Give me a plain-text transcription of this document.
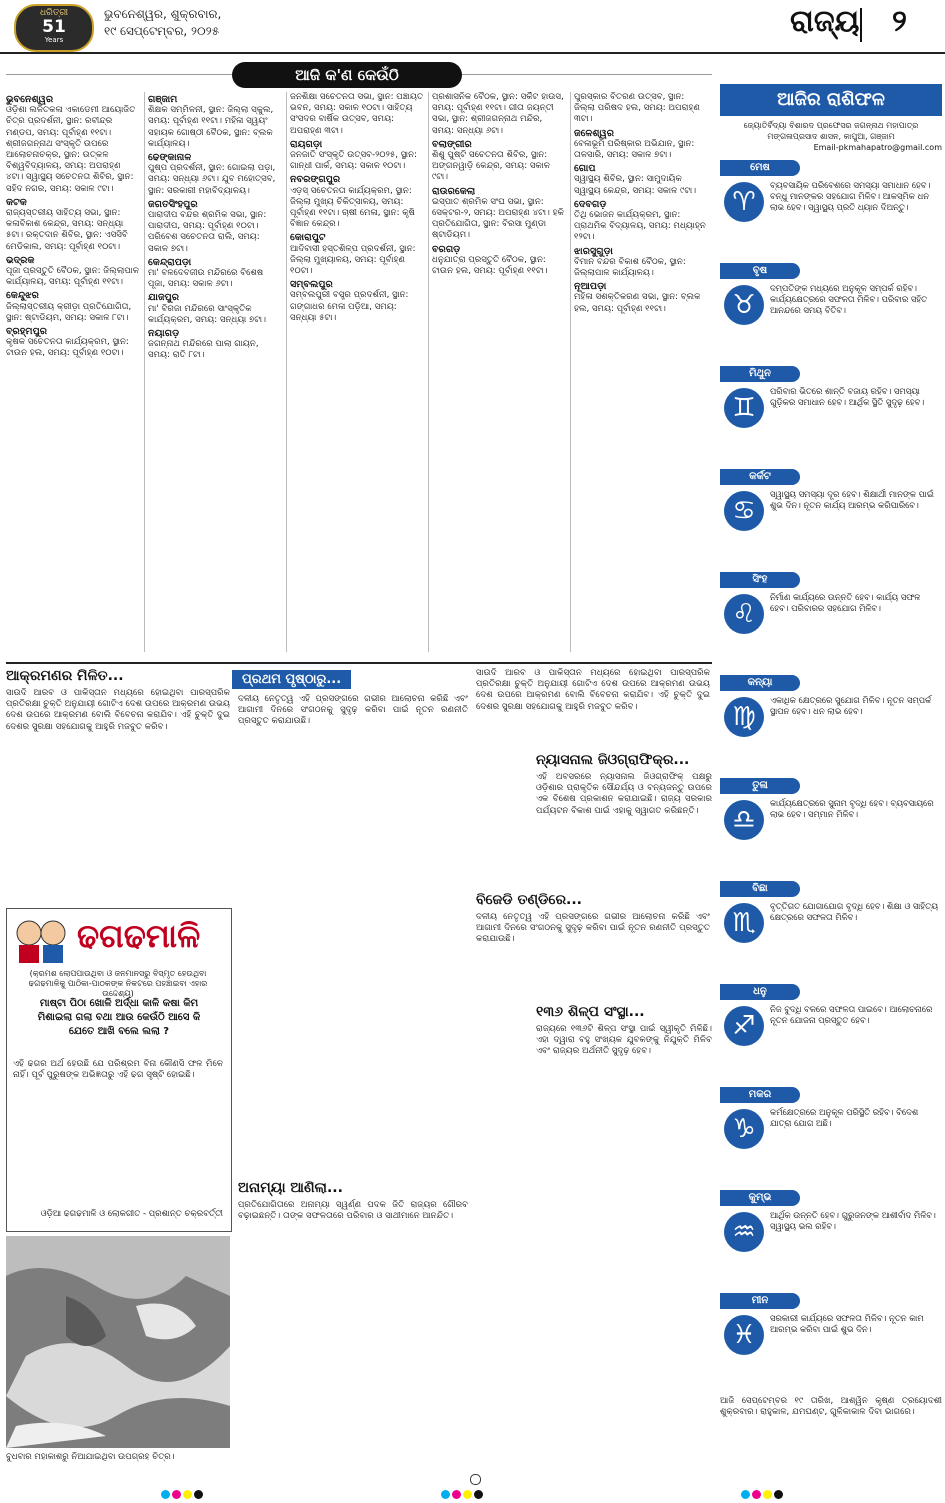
ଧରିତ୍ରୀ
51
Years
ଭୁବନେଶ୍ୱର, ଶୁକ୍ରବାର,
୧୯ ସେପ୍ଟେମ୍ବର, ୨୦୨୫	ରାଜ୍ୟ ୨
ଆଜି କ'ଣ କେଉଁଠି

ଭୁବନେଶ୍ୱର
ଓଡ଼ିଶା ଲଳିତକଳା ଏକାଡେମୀ ଆୟୋଜିତ ଚିତ୍ର ପ୍ରଦର୍ଶନୀ, ସ୍ଥାନ: ରବୀନ୍ଦ୍ର ମଣ୍ଡପ, ସମୟ: ପୂର୍ବାହ୍ଣ ୧୧ଟା। ଶ୍ରୀଜଗନ୍ନାଥ ସଂସ୍କୃତି ଉପରେ ଆଲୋଚନାଚକ୍ର, ସ୍ଥାନ: ଉତ୍କଳ ବିଶ୍ୱବିଦ୍ୟାଳୟ, ସମୟ: ଅପରାହ୍ଣ ୪ଟା। ସ୍ୱାସ୍ଥ୍ୟ ସଚେତନତା ଶିବିର, ସ୍ଥାନ: ସହିଦ ନଗର, ସମୟ: ସକାଳ ୯ଟା।

କଟକ
ରାଜ୍ୟସ୍ତରୀୟ ସାହିତ୍ୟ ସଭା, ସ୍ଥାନ: କଳାବିକାଶ କେନ୍ଦ୍ର, ସମୟ: ସନ୍ଧ୍ୟା ୫ଟା। ରକ୍ତଦାନ ଶିବିର, ସ୍ଥାନ: ଏସସିବି ମେଡିକାଲ, ସମୟ: ପୂର୍ବାହ୍ଣ ୧୦ଟା।

ଭଦ୍ରକ
ପୂଜା ପ୍ରସ୍ତୁତି ବୈଠକ, ସ୍ଥାନ: ଜିଲ୍ଲାପାଳ କାର୍ଯ୍ୟାଳୟ, ସମୟ: ପୂର୍ବାହ୍ଣ ୧୧ଟା।

କେନ୍ଦୁଝର
ଜିଲ୍ଲାସ୍ତରୀୟ କ୍ରୀଡ଼ା ପ୍ରତିଯୋଗିତା, ସ୍ଥାନ: ଷ୍ଟାଡିୟମ, ସମୟ: ସକାଳ ୮ଟା।

ବ୍ରହ୍ମପୁର
କୃଷକ ସଚେତନତା କାର୍ଯ୍ୟକ୍ରମ, ସ୍ଥାନ: ଟାଉନ ହଲ, ସମୟ: ପୂର୍ବାହ୍ଣ ୧୦ଟା।

ଗଞ୍ଜାମ
ଶିକ୍ଷକ ସମ୍ମିଳନୀ, ସ୍ଥାନ: ଜିଲ୍ଲା ସ୍କୁଲ, ସମୟ: ପୂର୍ବାହ୍ଣ ୧୧ଟା। ମହିଳା ସ୍ୱୟଂ ସହାୟକ ଗୋଷ୍ଠୀ ବୈଠକ, ସ୍ଥାନ: ବ୍ଲକ କାର୍ଯ୍ୟାଳୟ।

ଢେଙ୍କାନାଳ
ପୁଷ୍ପ ପ୍ରଦର୍ଶନୀ, ସ୍ଥାନ: ଗୋଇଲା ପଡ଼ା, ସମୟ: ସନ୍ଧ୍ୟା ୬ଟା। ଯୁବ ମହୋତ୍ସବ, ସ୍ଥାନ: ସରକାରୀ ମହାବିଦ୍ୟାଳୟ।

ଜଗତସିଂହପୁର
ପାରାଦୀପ ବନ୍ଦର ଶ୍ରମିକ ସଭା, ସ୍ଥାନ: ପାରାଦୀପ, ସମୟ: ପୂର୍ବାହ୍ଣ ୧୦ଟା। ପରିବେଶ ସଚେତନତା ରାଲି, ସମୟ: ସକାଳ ୭ଟା।

କେନ୍ଦ୍ରାପଡ଼ା
ମା' ବଳଦେବଜୀଉ ମନ୍ଦିରରେ ବିଶେଷ ପୂଜା, ସମୟ: ସକାଳ ୬ଟା।

ଯାଜପୁର
ମା' ବିରଜା ମନ୍ଦିରରେ ସାଂସ୍କୃତିକ କାର୍ଯ୍ୟକ୍ରମ, ସମୟ: ସନ୍ଧ୍ୟା ୭ଟା।

ନୟାଗଡ଼
ଜଗନ୍ନାଥ ମନ୍ଦିରରେ ପାଲା ଗାୟନ, ସମୟ: ରାତି ୮ଟା।

ଜନଶିକ୍ଷା ସଚେତନତା ସଭା, ସ୍ଥାନ: ପଞ୍ଚାୟତ ଭବନ, ସମୟ: ସକାଳ ୧୦ଟା। ସାହିତ୍ୟ ସଂସଦର ବାର୍ଷିକ ଉତ୍ସବ, ସମୟ: ଅପରାହ୍ଣ ୩ଟା।

ରାୟଗଡ଼ା
ଜନଜାତି ସଂସ୍କୃତି ଉତ୍ସବ-୨୦୨୫, ସ୍ଥାନ: ଗାନ୍ଧୀ ପାର୍କ, ସମୟ: ସକାଳ ୧୦ଟା।

ନବରଙ୍ଗପୁର
ଏଡ଼ସ୍ ସଚେତନତା କାର୍ଯ୍ୟକ୍ରମ, ସ୍ଥାନ: ଜିଲ୍ଲା ମୁଖ୍ୟ ଚିକିତ୍ସାଳୟ, ସମୟ: ପୂର୍ବାହ୍ଣ ୧୧ଟା। ଚାଷୀ ମେଳା, ସ୍ଥାନ: କୃଷି ବିଜ୍ଞାନ କେନ୍ଦ୍ର।

କୋରାପୁଟ
ଆଦିବାସୀ ହସ୍ତଶିଳ୍ପ ପ୍ରଦର୍ଶନୀ, ସ୍ଥାନ: ଜିଲ୍ଲା ମୁଖ୍ୟାଳୟ, ସମୟ: ପୂର୍ବାହ୍ଣ ୧୦ଟା।

ସମ୍ବଲପୁର
ସମ୍ବଲପୁରୀ ବସ୍ତ୍ର ପ୍ରଦର୍ଶନୀ, ସ୍ଥାନ: ଗଙ୍ଗାଧର ମେଳା ପଡ଼ିଆ, ସମୟ: ସନ୍ଧ୍ୟା ୫ଟା।

ପ୍ରଶାସନିକ ବୈଠକ, ସ୍ଥାନ: ସର୍କିଟ ହାଉସ, ସମୟ: ପୂର୍ବାହ୍ଣ ୧୧ଟା। ଗୀତା ଜୟନ୍ତୀ ସଭା, ସ୍ଥାନ: ଶ୍ରୀଜଗନ୍ନାଥ ମନ୍ଦିର, ସମୟ: ସନ୍ଧ୍ୟା ୬ଟା।

ବଲାଙ୍ଗୀର
ଶିଶୁ ପୁଷ୍ଟି ସଚେତନତା ଶିବିର, ସ୍ଥାନ: ଅଙ୍ଗନୱାଡ଼ି କେନ୍ଦ୍ର, ସମୟ: ସକାଳ ୯ଟା।

ରାଉରକେଲା
ଇସ୍ପାତ ଶ୍ରମିକ ସଂଘ ସଭା, ସ୍ଥାନ: ସେକ୍ଟର-୨, ସମୟ: ଅପରାହ୍ଣ ୪ଟା। ହକି ପ୍ରତିଯୋଗିତା, ସ୍ଥାନ: ବିରସା ମୁଣ୍ଡା ଷ୍ଟାଡିୟମ।

ବରଗଡ଼
ଧନୁଯାତ୍ରା ପ୍ରସ୍ତୁତି ବୈଠକ, ସ୍ଥାନ: ଟାଉନ ହଲ, ସମୟ: ପୂର୍ବାହ୍ଣ ୧୧ଟା।

ପୁରସ୍କାର ବିତରଣ ଉତ୍ସବ, ସ୍ଥାନ: ଜିଲ୍ଲା ପରିଷଦ ହଲ, ସମୟ: ଅପରାହ୍ଣ ୩ଟା।

ଜଳେଶ୍ୱର
ବେଳାଭୂମି ପରିଷ୍କାର ଅଭିଯାନ, ସ୍ଥାନ: ତାଳସାରି, ସମୟ: ସକାଳ ୭ଟା।

ଗୋପ
ସ୍ୱାସ୍ଥ୍ୟ ଶିବିର, ସ୍ଥାନ: ସାମୁଦାୟିକ ସ୍ୱାସ୍ଥ୍ୟ କେନ୍ଦ୍ର, ସମୟ: ସକାଳ ୯ଟା।

ଦେବଗଡ଼
ତିଥି ଭୋଜନ କାର୍ଯ୍ୟକ୍ରମ, ସ୍ଥାନ: ପ୍ରାଥମିକ ବିଦ୍ୟାଳୟ, ସମୟ: ମଧ୍ୟାହ୍ନ ୧୨ଟା।

ଝାରସୁଗୁଡ଼ା
ବିମାନ ବନ୍ଦର ବିକାଶ ବୈଠକ, ସ୍ଥାନ: ଜିଲ୍ଲାପାଳ କାର୍ଯ୍ୟାଳୟ।

ନୂଆପଡ଼ା
ମହିଳା ସଶକ୍ତିକରଣ ସଭା, ସ୍ଥାନ: ବ୍ଲକ ହଲ, ସମୟ: ପୂର୍ବାହ୍ଣ ୧୧ଟା।

ଆଜିର ରାଶିଫଳ
ଜ୍ୟୋତିର୍ବିଦ୍ୟା ବିଶାରଦ ପ୍ରଫେସର ଜଗନ୍ନାଥ ମହାପାତ୍ର
ମଙ୍ଗଳାପ୍ରସାଦ ଶାସନ, କାପୁଆ, ଗଞ୍ଜାମ
Email-pkmahapatro@gmail.com
ମେଷ
♈
ବ୍ୟବସାୟିକ ପରିବେଶରେ ସମସ୍ୟା ସମାଧାନ ହେବ। ବନ୍ଧୁ ମାନଙ୍କର ସହଯୋଗ ମିଳିବ। ଆକସ୍ମିକ ଧନ ଲାଭ ହେବ। ସ୍ୱାସ୍ଥ୍ୟ ପ୍ରତି ଧ୍ୟାନ ଦିଅନ୍ତୁ।
ବୃଷ
♉
ଦମ୍ପତିଙ୍କ ମଧ୍ୟରେ ଅନୁକୂଳ ସମ୍ପର୍କ ରହିବ। କାର୍ଯ୍ୟକ୍ଷେତ୍ରରେ ସଫଳତା ମିଳିବ। ପରିବାର ସହିତ ଆନନ୍ଦରେ ସମୟ ବିତିବ।
ମିଥୁନ
♊
ପରିବାର ଭିତରେ ଶାନ୍ତି ବଜାୟ ରହିବ। ସମସ୍ୟା ଗୁଡ଼ିକର ସମାଧାନ ହେବ। ଆର୍ଥିକ ସ୍ଥିତି ସୁଦୃଢ଼ ହେବ।
କର୍କଟ
♋
ସ୍ୱାସ୍ଥ୍ୟ ସମସ୍ୟା ଦୂର ହେବ। ଶିକ୍ଷାର୍ଥୀ ମାନଙ୍କ ପାଇଁ ଶୁଭ ଦିନ। ନୂତନ କାର୍ଯ୍ୟ ଆରମ୍ଭ କରିପାରିବେ।
ସିଂହ
♌
ନିର୍ମାଣ କାର୍ଯ୍ୟରେ ଉନ୍ନତି ହେବ। କାର୍ଯ୍ୟ ସଫଳ ହେବ। ପରିବାରର ସହଯୋଗ ମିଳିବ।
କନ୍ୟା
♍
ଏକାଧିକ କ୍ଷେତ୍ରରେ ସୁଯୋଗ ମିଳିବ। ନୂତନ ସମ୍ପର୍କ ସ୍ଥାପନ ହେବ। ଧନ ଲାଭ ହେବ।
ତୁଳା
♎
କାର୍ଯ୍ୟକ୍ଷେତ୍ରରେ ସୁନାମ ବୃଦ୍ଧି ହେବ। ବ୍ୟବସାୟରେ ଲାଭ ହେବ। ସମ୍ମାନ ମିଳିବ।
ବିଛା
♏
ବୃତ୍ତିଗତ ଯୋଗାଯୋଗ ବୃଦ୍ଧି ହେବ। ଶିକ୍ଷା ଓ ସାହିତ୍ୟ କ୍ଷେତ୍ରରେ ସଫଳତା ମିଳିବ।
ଧନୁ
♐
ନିଜ ବୁଦ୍ଧି ବଳରେ ସଫଳତା ପାଇବେ। ଆଲୋଚନାରେ ନୂତନ ଯୋଜନା ପ୍ରସ୍ତୁତ ହେବ।
ମକର
♑
କର୍ମକ୍ଷେତ୍ରରେ ଅନୁକୂଳ ପରିସ୍ଥିତି ରହିବ। ବିଦେଶ ଯାତ୍ରା ଯୋଗ ଅଛି।
କୁମ୍ଭ
♒
ଆର୍ଥିକ ଉନ୍ନତି ହେବ। ଗୁରୁଜନଙ୍କ ଆଶୀର୍ବାଦ ମିଳିବ। ସ୍ୱାସ୍ଥ୍ୟ ଭଲ ରହିବ।
ମୀନ
♓
ସରକାରୀ କାର୍ଯ୍ୟରେ ସଫଳତା ମିଳିବ। ନୂତନ କାମ ଆରମ୍ଭ କରିବା ପାଇଁ ଶୁଭ ଦିନ।
ଆଜି ସେପ୍ଟେମ୍ବର ୧୯ ତାରିଖ, ଆଶ୍ୱିନ କୃଷ୍ଣ ତ୍ରୟୋଦଶୀ ଶୁକ୍ରବାର। ରାହୁକାଳ, ଯମଘଣ୍ଟ, ଗୁଳିକାକାଳ ଦିବା ଭାଗରେ।
ଆକ୍ରମଣର ମିଳିତ...
ସାଉଦି ଆରବ ଓ ପାକିସ୍ତାନ ମଧ୍ୟରେ ହୋଇଥିବା ପାରସ୍ପରିକ ପ୍ରତିରକ୍ଷା ଚୁକ୍ତି ଅନୁଯାୟୀ ଗୋଟିଏ ଦେଶ ଉପରେ ଆକ୍ରମଣ ଉଭୟ ଦେଶ ଉପରେ ଆକ୍ରମଣ ବୋଲି ବିବେଚନା କରାଯିବ। ଏହି ଚୁକ୍ତି ଦୁଇ ଦେଶର ସୁରକ୍ଷା ସହଯୋଗକୁ ଆହୁରି ମଜବୁତ କରିବ।
ପ୍ରଥମ ପୃଷ୍ଠାରୁ...
ଦଳୀୟ ନେତୃତ୍ୱ ଏହି ପ୍ରସଙ୍ଗରେ ଗଭୀର ଆଲୋଚନା କରିଛି ଏବଂ ଆଗାମୀ ଦିନରେ ସଂଗଠନକୁ ସୁଦୃଢ଼ କରିବା ପାଇଁ ନୂତନ ରଣନୀତି ପ୍ରସ୍ତୁତ କରାଯାଉଛି।
ଅନାମ୍ୟା ଆଣିଲା...
ପ୍ରତିଯୋଗିତାରେ ଅନାମ୍ୟା ସ୍ୱର୍ଣ୍ଣ ପଦକ ଜିତି ରାଜ୍ୟର ଗୌରବ ବଢ଼ାଇଛନ୍ତି। ତାଙ୍କ ସଫଳତାରେ ପରିବାର ଓ ସାଥୀମାନେ ଆନନ୍ଦିତ।
ସାଉଦି ଆରବ ଓ ପାକିସ୍ତାନ ମଧ୍ୟରେ ହୋଇଥିବା ପାରସ୍ପରିକ ପ୍ରତିରକ୍ଷା ଚୁକ୍ତି ଅନୁଯାୟୀ ଗୋଟିଏ ଦେଶ ଉପରେ ଆକ୍ରମଣ ଉଭୟ ଦେଶ ଉପରେ ଆକ୍ରମଣ ବୋଲି ବିବେଚନା କରାଯିବ। ଏହି ଚୁକ୍ତି ଦୁଇ ଦେଶର ସୁରକ୍ଷା ସହଯୋଗକୁ ଆହୁରି ମଜବୁତ କରିବ।
ବିଜେଡି ତଣ୍ଡିରେ...
ଦଳୀୟ ନେତୃତ୍ୱ ଏହି ପ୍ରସଙ୍ଗରେ ଗଭୀର ଆଲୋଚନା କରିଛି ଏବଂ ଆଗାମୀ ଦିନରେ ସଂଗଠନକୁ ସୁଦୃଢ଼ କରିବା ପାଇଁ ନୂତନ ରଣନୀତି ପ୍ରସ୍ତୁତ କରାଯାଉଛି।
ନ୍ୟାସନାଲ ଜିଓଗ୍ରାଫିକ୍‌ର...
ଏହି ଅବସରରେ ନ୍ୟାସନାଲ ଜିଓଗ୍ରାଫିକ୍ ପକ୍ଷରୁ ଓଡ଼ିଶାର ପ୍ରାକୃତିକ ସୌନ୍ଦର୍ଯ୍ୟ ଓ ବନ୍ୟଜନ୍ତୁ ଉପରେ ଏକ ବିଶେଷ ପ୍ରକାଶନ କରାଯାଇଛି। ରାଜ୍ୟ ସରକାର ପର୍ଯ୍ୟଟନ ବିକାଶ ପାଇଁ ଏହାକୁ ସ୍ୱାଗତ କରିଛନ୍ତି।
୧୩୬ ଶିଳ୍ପ ସଂସ୍ଥା...
ରାଜ୍ୟରେ ୧୩୬ଟି ଶିଳ୍ପ ସଂସ୍ଥା ପାଇଁ ସ୍ୱୀକୃତି ମିଳିଛି। ଏହା ଦ୍ୱାରା ବହୁ ସଂଖ୍ୟକ ଯୁବକଙ୍କୁ ନିଯୁକ୍ତି ମିଳିବ ଏବଂ ରାଜ୍ୟର ଅର୍ଥନୀତି ସୁଦୃଢ଼ ହେବ।
ଢଗଢମାଳି
(କ୍ରମଶ ଲୋପପାଉଥିବା ଓ ଜନମାନସରୁ ବିସ୍ମୃତ ହେଉଥିବା ଢଗଢମାଳିକୁ ପାଠିକା-ପାଠକଙ୍କ ନିକଟରେ ପହଞ୍ଚାଇବା ଏହାର ଉଦ୍ଦେଶ୍ୟ)
ମାଷ୍ଟା ପିଠା ଖୋଳି ଅର୍ଦ୍ଧା କାଳି କଷା କିମ ମିଶାଇଲା ଗଲା ବଥା ଆଉ କେଉଁଠି ଆସେ କି ଯେତେ ଆଖି ବଲେ ଲଲା ?
ଏହି ଢଗର ଅର୍ଥ ହେଉଛି ଯେ ପରିଶ୍ରମ ବିନା କୌଣସି ଫଳ ମିଳେ ନାହିଁ। ପୂର୍ବ ପୁରୁଷଙ୍କ ଅଭିଜ୍ଞତାରୁ ଏହି ଢଗ ସୃଷ୍ଟି ହୋଇଛି।
ଓଡ଼ିଆ ଢଗଢମାଳି ଓ ଲୋକଗୀତ - ପ୍ରଶାନ୍ତ ଚକ୍ରବର୍ତ୍ତୀ
ବୁଧବାର ମହାକାଶରୁ ନିଆଯାଇଥିବା ଉପଗ୍ରହ ଚିତ୍ର।
